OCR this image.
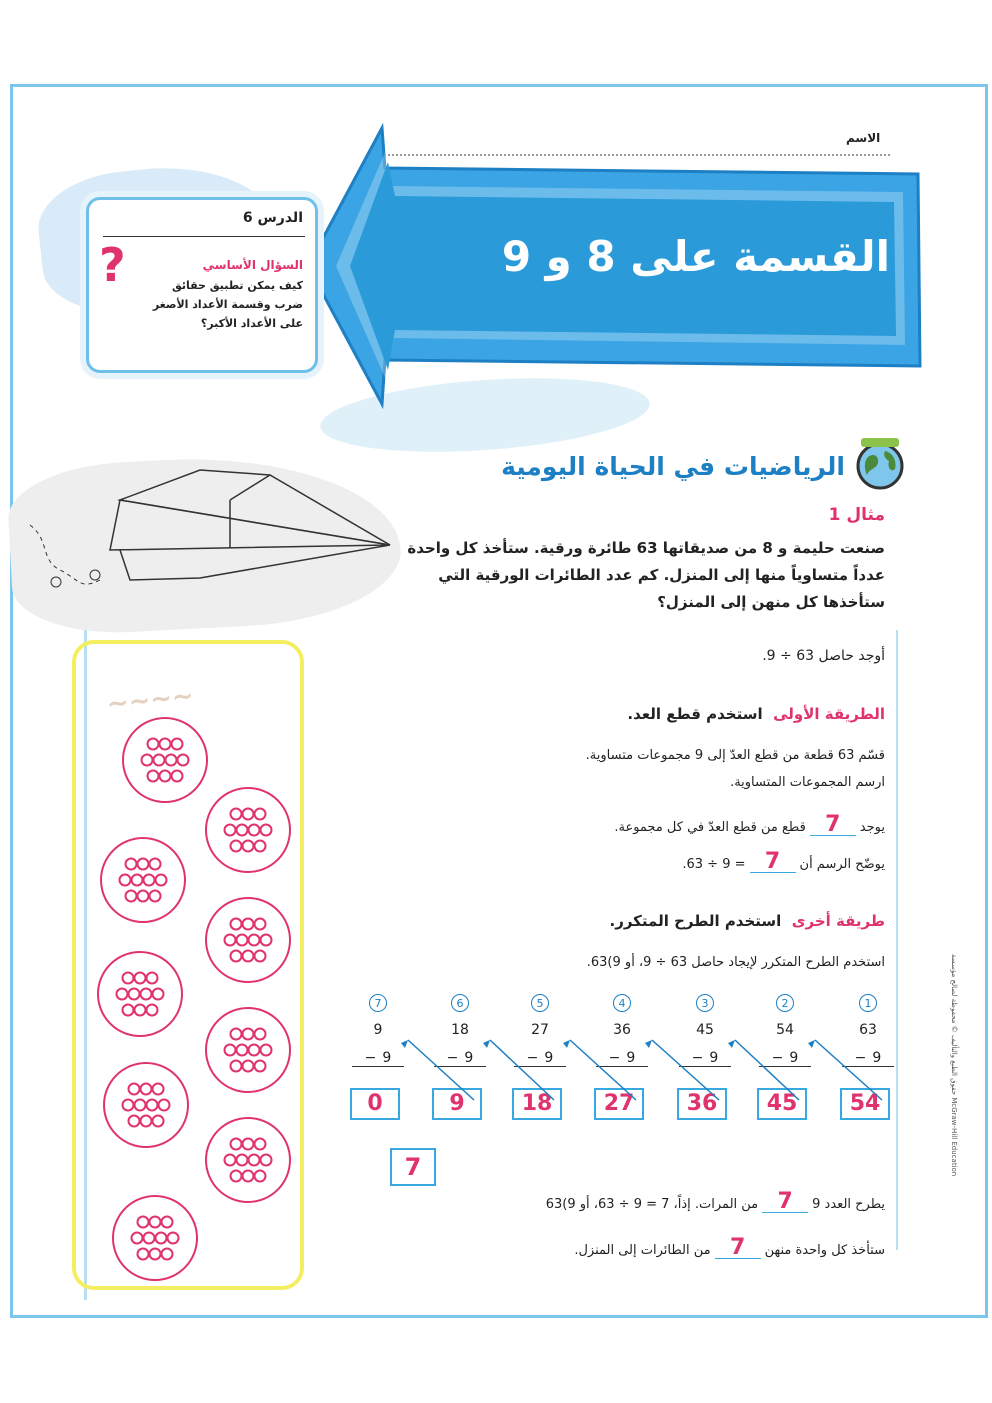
الاسم
القسمة على 8 و 9
الدرس 6
?	السؤال الأساسي
كيف يمكن تطبيق حقائق ضرب وقسمة الأعداد الأصغر على الأعداد الأكبر؟
الرياضيات في الحياة اليومية
مثال 1
صنعت حليمة و 8 من صديقاتها 63 طائرة ورقية. ستأخذ كل واحدة عدداً متساوياً منها إلى المنزل. كم عدد الطائرات الورقية التي ستأخذها كل منهن إلى المنزل؟
أوجد حاصل 63 ÷ 9.
الطريقة الأولى  استخدم قطع العد.
قسّم 63 قطعة من قطع العدّ إلى 9 مجموعات متساوية.
ارسم المجموعات المتساوية.
يوجد7قطع من قطع العدّ في كل مجموعة.
يوضّح الرسم أن7= 9 ÷ 63.
طريقة أخرى  استخدم الطرح المتكرر.
استخدم الطرح المتكرر لإيجاد حاصل 63 ÷ 9، أو 9)63.
1
63
− 9
54
2
54
− 9
45
3
45
− 9
36
4
36
− 9
27
5
27
− 9
18
6
18
− 9
9
7
9
− 9
0
7
يطرح العدد 97من المرات. إذاً، 7 = 9 ÷ 63، أو 9)63
ستأخذ كل واحدة منهن7من الطائرات إلى المنزل.
~~~~
حقوق الطبع والتأليف © محفوظة لصالح مؤسسة McGraw-Hill Education
